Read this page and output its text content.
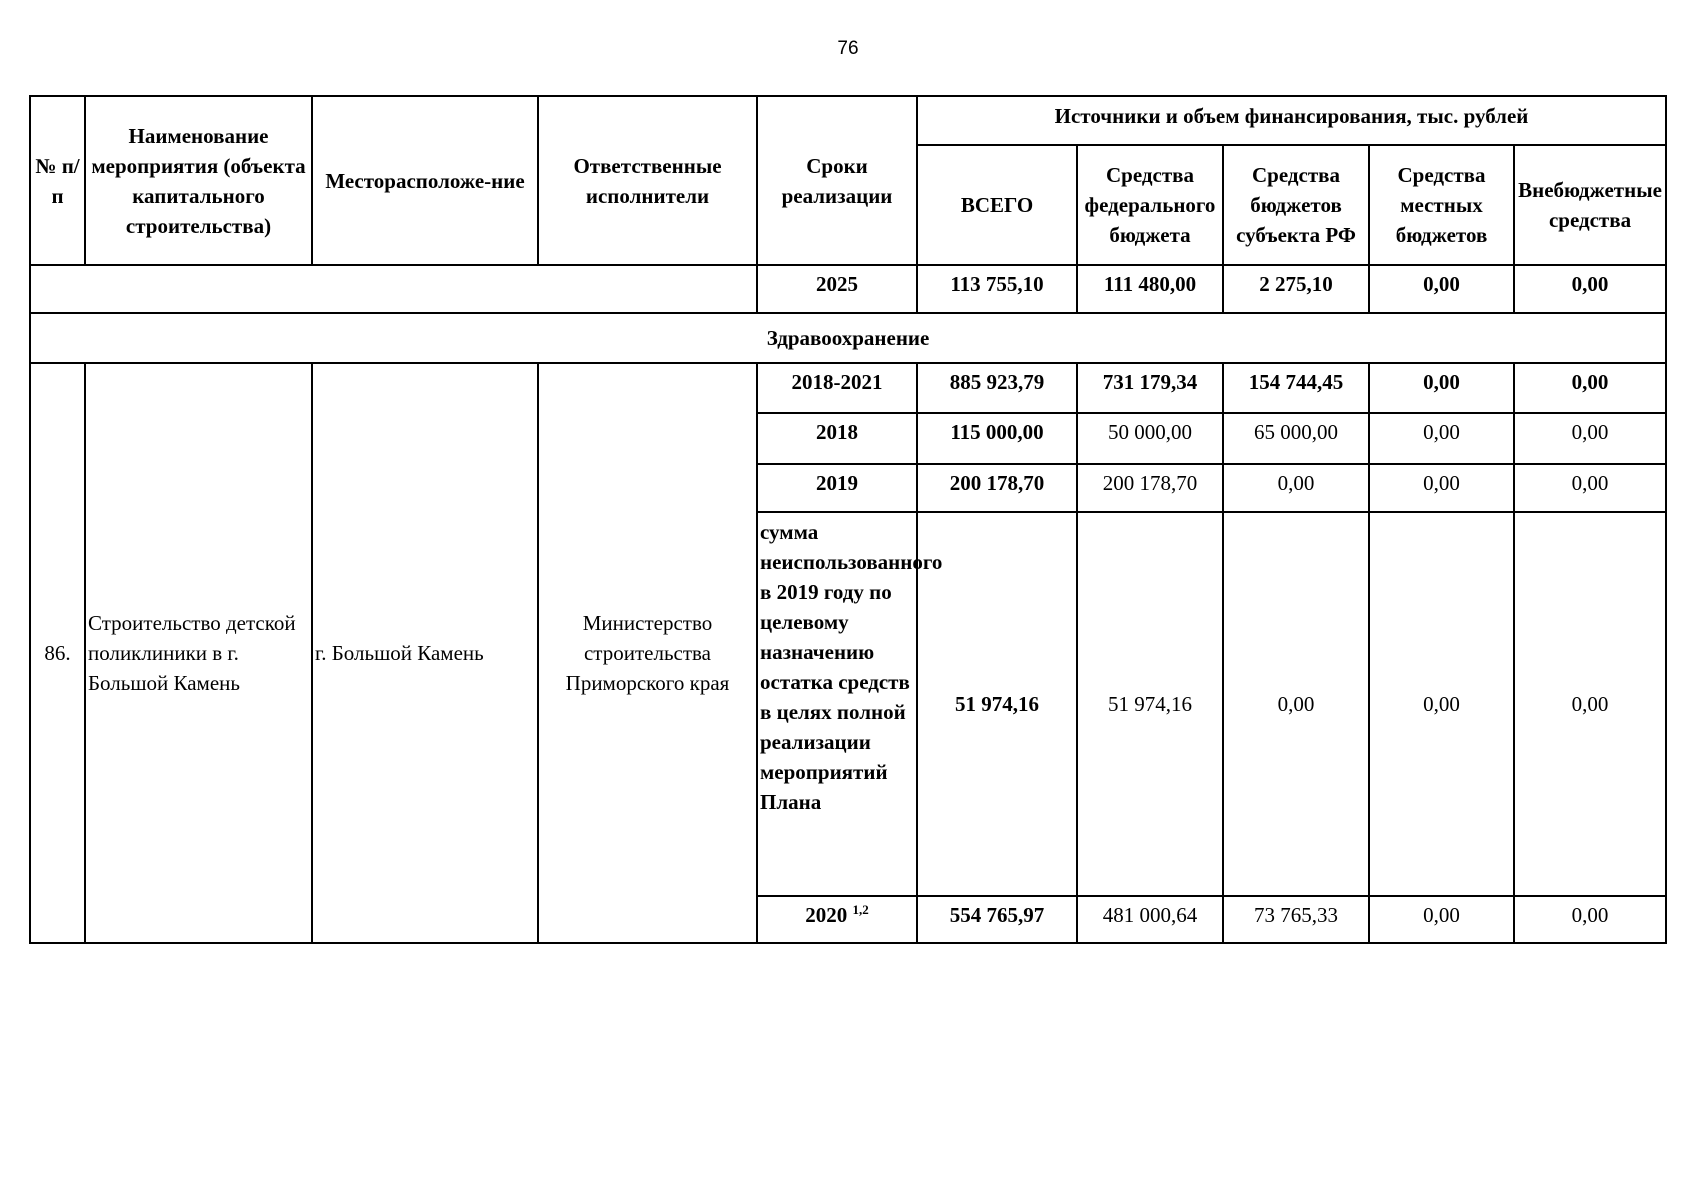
76
№ п/п	Наименование мероприятия (объекта капитального строительства)	Месторасположе-ние	Ответственные исполнители	Сроки реализации	Источники и объем финансирования, тыс. рублей				
					ВСЕГО	Средства федерального бюджета	Средства бюджетов субъекта РФ	Средства местных бюджетов	Внебюджетные средства
				2025	113 755,10	111 480,00	2 275,10	0,00	0,00
Здравоохранение									
86.	Строительство детской поликлиники в г. Большой Камень	г. Большой Камень	Министерство строительства Приморского края	2018-2021	885 923,79	731 179,34	154 744,45	0,00	0,00
				2018	115 000,00	50 000,00	65 000,00	0,00	0,00
				2019	200 178,70	200 178,70	0,00	0,00	0,00
				сумма неиспользованного в 2019 году по целевому назначению остатка средств в целях полной реализации мероприятий Плана	51 974,16	51 974,16	0,00	0,00	0,00
				2020 $^{1,2}$	554 765,97	481 000,64	73 765,33	0,00	0,00
